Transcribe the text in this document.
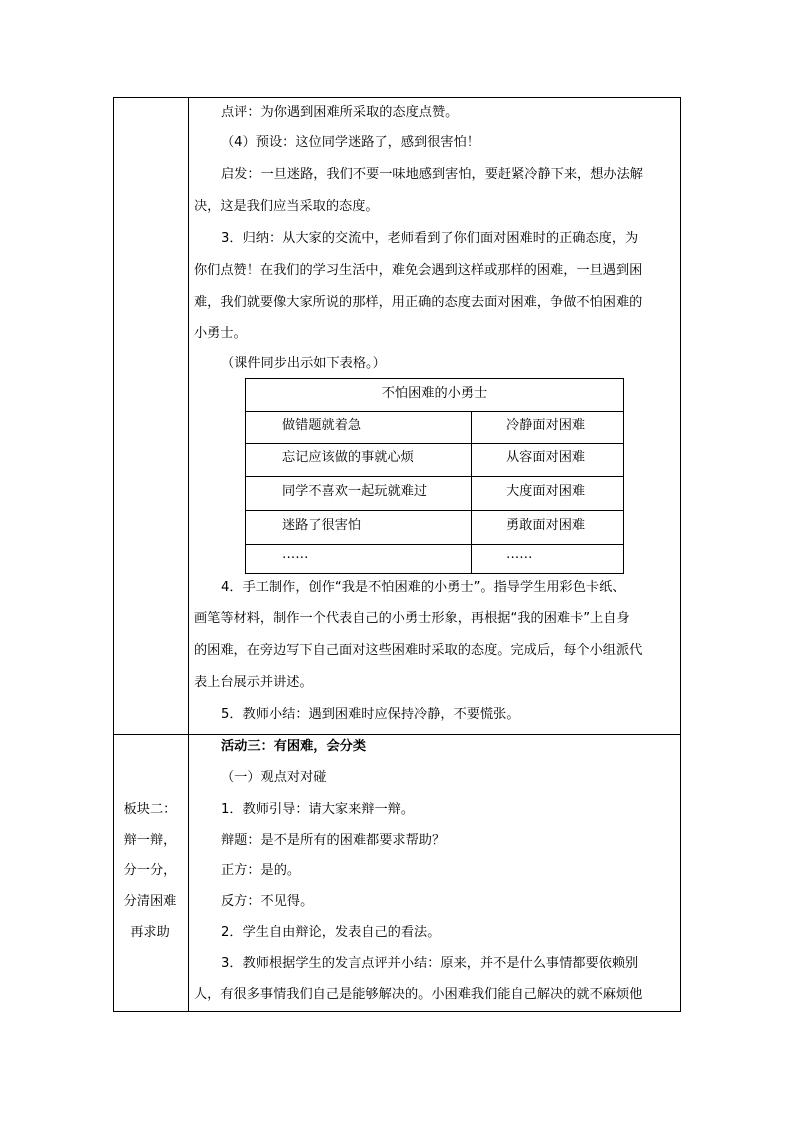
点评：为你遇到困难所采取的态度点赞。
（4）预设：这位同学迷路了，感到很害怕！
启发：一旦迷路，我们不要一味地感到害怕，要赶紧冷静下来，想办法解
决，这是我们应当采取的态度。
3．归纳：从大家的交流中，老师看到了你们面对困难时的正确态度，为
你们点赞！在我们的学习生活中，难免会遇到这样或那样的困难，一旦遇到困
难，我们就要像大家所说的那样，用正确的态度去面对困难，争做不怕困难的
小勇士。
（课件同步出示如下表格。）
不怕困难的小勇士
做错题就着急	冷静面对困难
忘记应该做的事就心烦	从容面对困难
同学不喜欢一起玩就难过	大度面对困难
迷路了很害怕	勇敢面对困难
……	……
4．手工制作，创作“我是不怕困难的小勇士”。指导学生用彩色卡纸、
画笔等材料，制作一个代表自己的小勇士形象，再根据“我的困难卡”上自身
的困难，在旁边写下自己面对这些困难时采取的态度。完成后，每个小组派代
表上台展示并讲述。
5．教师小结：遇到困难时应保持冷静，不要慌张。
板块二：
辩一辩，
分一分，
分清困难
再求助
活动三：有困难，会分类
（一）观点对对碰
1．教师引导：请大家来辩一辩。
辩题：是不是所有的困难都要求帮助？
正方：是的。
反方：不见得。
2．学生自由辩论，发表自己的看法。
3．教师根据学生的发言点评并小结：原来，并不是什么事情都要依赖别
人，有很多事情我们自己是能够解决的。小困难我们能自己解决的就不麻烦他
